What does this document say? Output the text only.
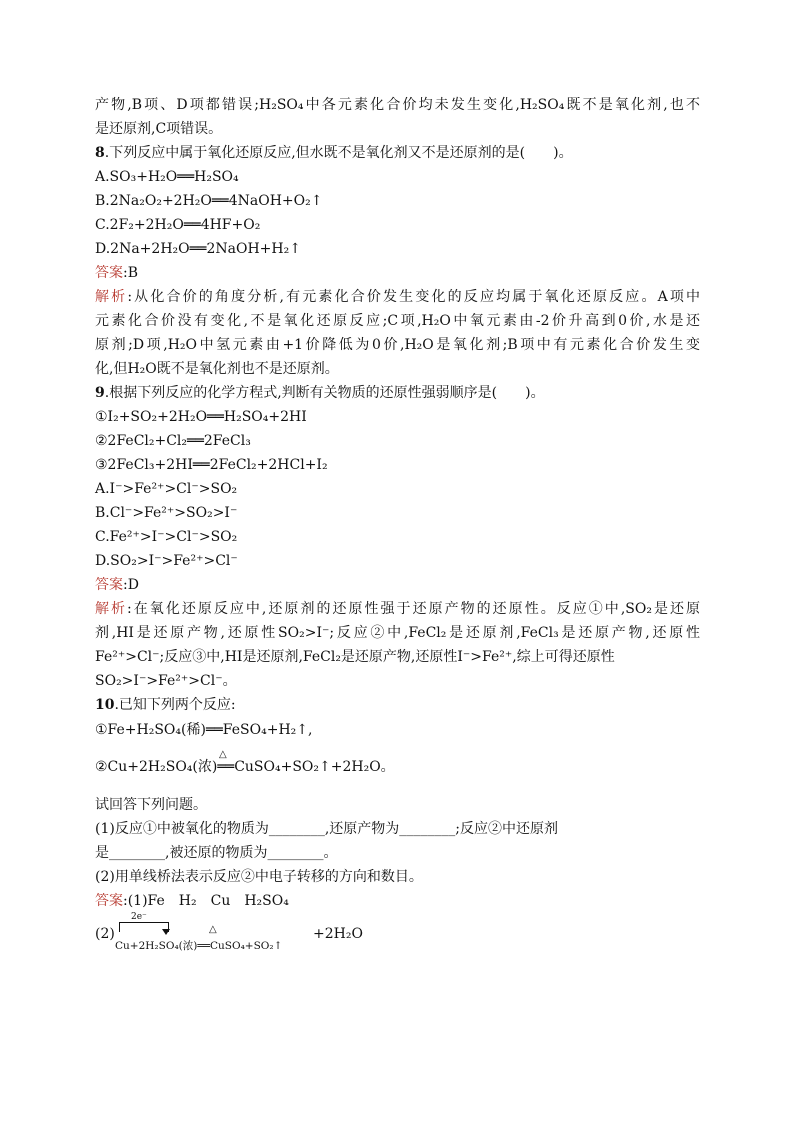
产物,B项、D项都错误;H₂SO₄中各元素化合价均未发生变化,H₂SO₄既不是氧化剂,也不
是还原剂,C项错误。
8.下列反应中属于氧化还原反应,但水既不是氧化剂又不是还原剂的是(　　)。
A.SO₃+H₂O══H₂SO₄
B.2Na₂O₂+2H₂O══4NaOH+O₂↑
C.2F₂+2H₂O══4HF+O₂
D.2Na+2H₂O══2NaOH+H₂↑
答案:B
解析:从化合价的角度分析,有元素化合价发生变化的反应均属于氧化还原反应。A项中
元素化合价没有变化,不是氧化还原反应;C项,H₂O中氧元素由-2价升高到0价,水是还
原剂;D项,H₂O中氢元素由+1价降低为0价,H₂O是氧化剂;B项中有元素化合价发生变
化,但H₂O既不是氧化剂也不是还原剂。
9.根据下列反应的化学方程式,判断有关物质的还原性强弱顺序是(　　)。
①I₂+SO₂+2H₂O══H₂SO₄+2HI
②2FeCl₂+Cl₂══2FeCl₃
③2FeCl₃+2HI══2FeCl₂+2HCl+I₂
A.I⁻>Fe²⁺>Cl⁻>SO₂
B.Cl⁻>Fe²⁺>SO₂>I⁻
C.Fe²⁺>I⁻>Cl⁻>SO₂
D.SO₂>I⁻>Fe²⁺>Cl⁻
答案:D
解析:在氧化还原反应中,还原剂的还原性强于还原产物的还原性。反应①中,SO₂是还原
剂,HI是还原产物,还原性SO₂>I⁻;反应②中,FeCl₂是还原剂,FeCl₃是还原产物,还原性
Fe²⁺>Cl⁻;反应③中,HI是还原剂,FeCl₂是还原产物,还原性I⁻>Fe²⁺,综上可得还原性
SO₂>I⁻>Fe²⁺>Cl⁻。
10.已知下列两个反应:
①Fe+H₂SO₄(稀)══FeSO₄+H₂↑,
△
②Cu+2H₂SO₄(浓)══CuSO₄+SO₂↑+2H₂O。
试回答下列问题。
(1)反应①中被氧化的物质为________,还原产物为________;反应②中还原剂
是________,被还原的物质为________。
(2)用单线桥法表示反应②中电子转移的方向和数目。
答案:(1)Fe　H₂　Cu　H₂SO₄
(2)
2e⁻
△
Cu+2H₂SO₄(浓)══CuSO₄+SO₂↑
+2H₂O
